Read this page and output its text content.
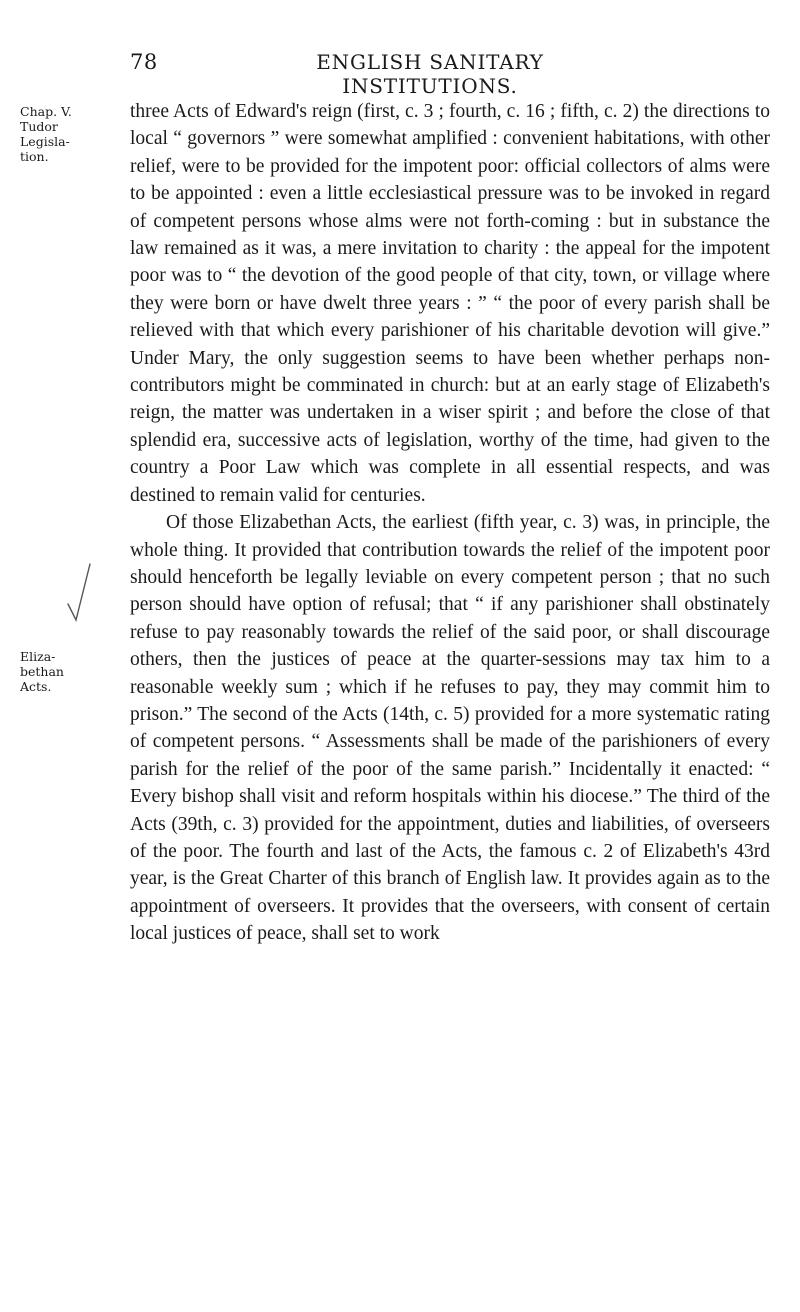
78	ENGLISH SANITARY INSTITUTIONS.
Chap. V.
Tudor
Legisla-
tion.
Eliza-
bethan
Acts.

three Acts of Edward's reign (first, c. 3 ; fourth, c. 16 ; fifth, c. 2) the directions to local “ governors ” were somewhat amplified : convenient habitations, with other relief, were to be provided for the impotent poor: official collectors of alms were to be appointed : even a little ecclesiastical pressure was to be invoked in regard of competent persons whose alms were not forth-coming : but in substance the law remained as it was, a mere invitation to charity : the appeal for the impotent poor was to “ the devotion of the good people of that city, town, or village where they were born or have dwelt three years : ” “ the poor of every parish shall be relieved with that which every parishioner of his charitable devotion will give.” Under Mary, the only suggestion seems to have been whether perhaps non-contributors might be comminated in church: but at an early stage of Elizabeth's reign, the matter was undertaken in a wiser spirit ; and before the close of that splendid era, successive acts of legislation, worthy of the time, had given to the country a Poor Law which was complete in all essential respects, and was destined to remain valid for centuries.

Of those Elizabethan Acts, the earliest (fifth year, c. 3) was, in principle, the whole thing. It provided that contribution towards the relief of the impotent poor should henceforth be legally leviable on every competent person ; that no such person should have option of refusal; that “ if any parishioner shall obstinately refuse to pay reasonably towards the relief of the said poor, or shall discourage others, then the justices of peace at the quarter-sessions may tax him to a reasonable weekly sum ; which if he refuses to pay, they may commit him to prison.” The second of the Acts (14th, c. 5) provided for a more systematic rating of competent persons. “ Assessments shall be made of the parishioners of every parish for the relief of the poor of the same parish.” Incidentally it enacted: “ Every bishop shall visit and reform hospitals within his diocese.” The third of the Acts (39th, c. 3) provided for the appointment, duties and liabilities, of overseers of the poor. The fourth and last of the Acts, the famous c. 2 of Elizabeth's 43rd year, is the Great Charter of this branch of English law. It provides again as to the appointment of overseers. It provides that the overseers, with consent of certain local justices of peace, shall set to work
